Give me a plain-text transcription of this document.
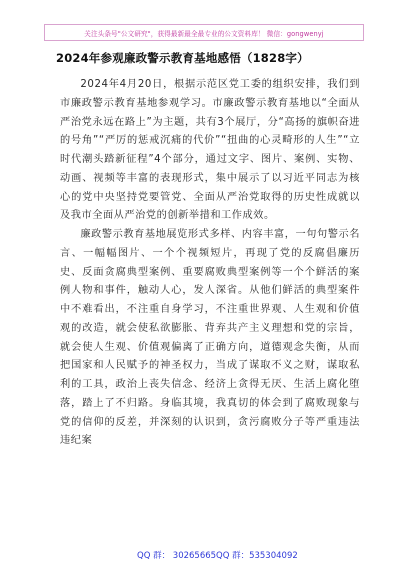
关注头条号"公文研究"，获得最新最全最专业的公文资料库！ 微信：gongwenyj
2024年参观廉政警示教育基地感悟（1828字）

2024年4月20日，根据示范区党工委的组织安排，我们到市廉政警示教育基地参观学习。市廉政警示教育基地以“全面从严治党永远在路上”为主题，共有3个展厅，分“高扬的旗帜奋进的号角”“严厉的惩戒沉痛的代价”“扭曲的心灵畸形的人生”“立时代潮头踏新征程”4个部分，通过文字、图片、案例、实物、动画、视频等丰富的表现形式，集中展示了以习近平同志为核心的党中央坚持党要管党、全面从严治党取得的历史性成就以及我市全面从严治党的创新举措和工作成效。

廉政警示教育基地展览形式多样、内容丰富，一句句警示名言、一幅幅图片、一个个视频短片，再现了党的反腐倡廉历史、反面贪腐典型案例、重要腐败典型案例等一个个鲜活的案例人物和事件，触动人心，发人深省。从他们鲜活的典型案件中不难看出，不注重自身学习，不注重世界观、人生观和价值观的改造，就会使私欲膨胀、背弃共产主义理想和党的宗旨，就会使人生观、价值观偏离了正确方向，道德观念失衡，从而把国家和人民赋予的神圣权力，当成了谋取不义之财，谋取私利的工具，政治上丧失信念、经济上贪得无厌、生活上腐化堕落，踏上了不归路。身临其境，我真切的体会到了腐败现象与党的信仰的反差，并深刻的认识到，贪污腐败分子等严重违法违纪案

QQ 群： 30265665 QQ 群：535304092
